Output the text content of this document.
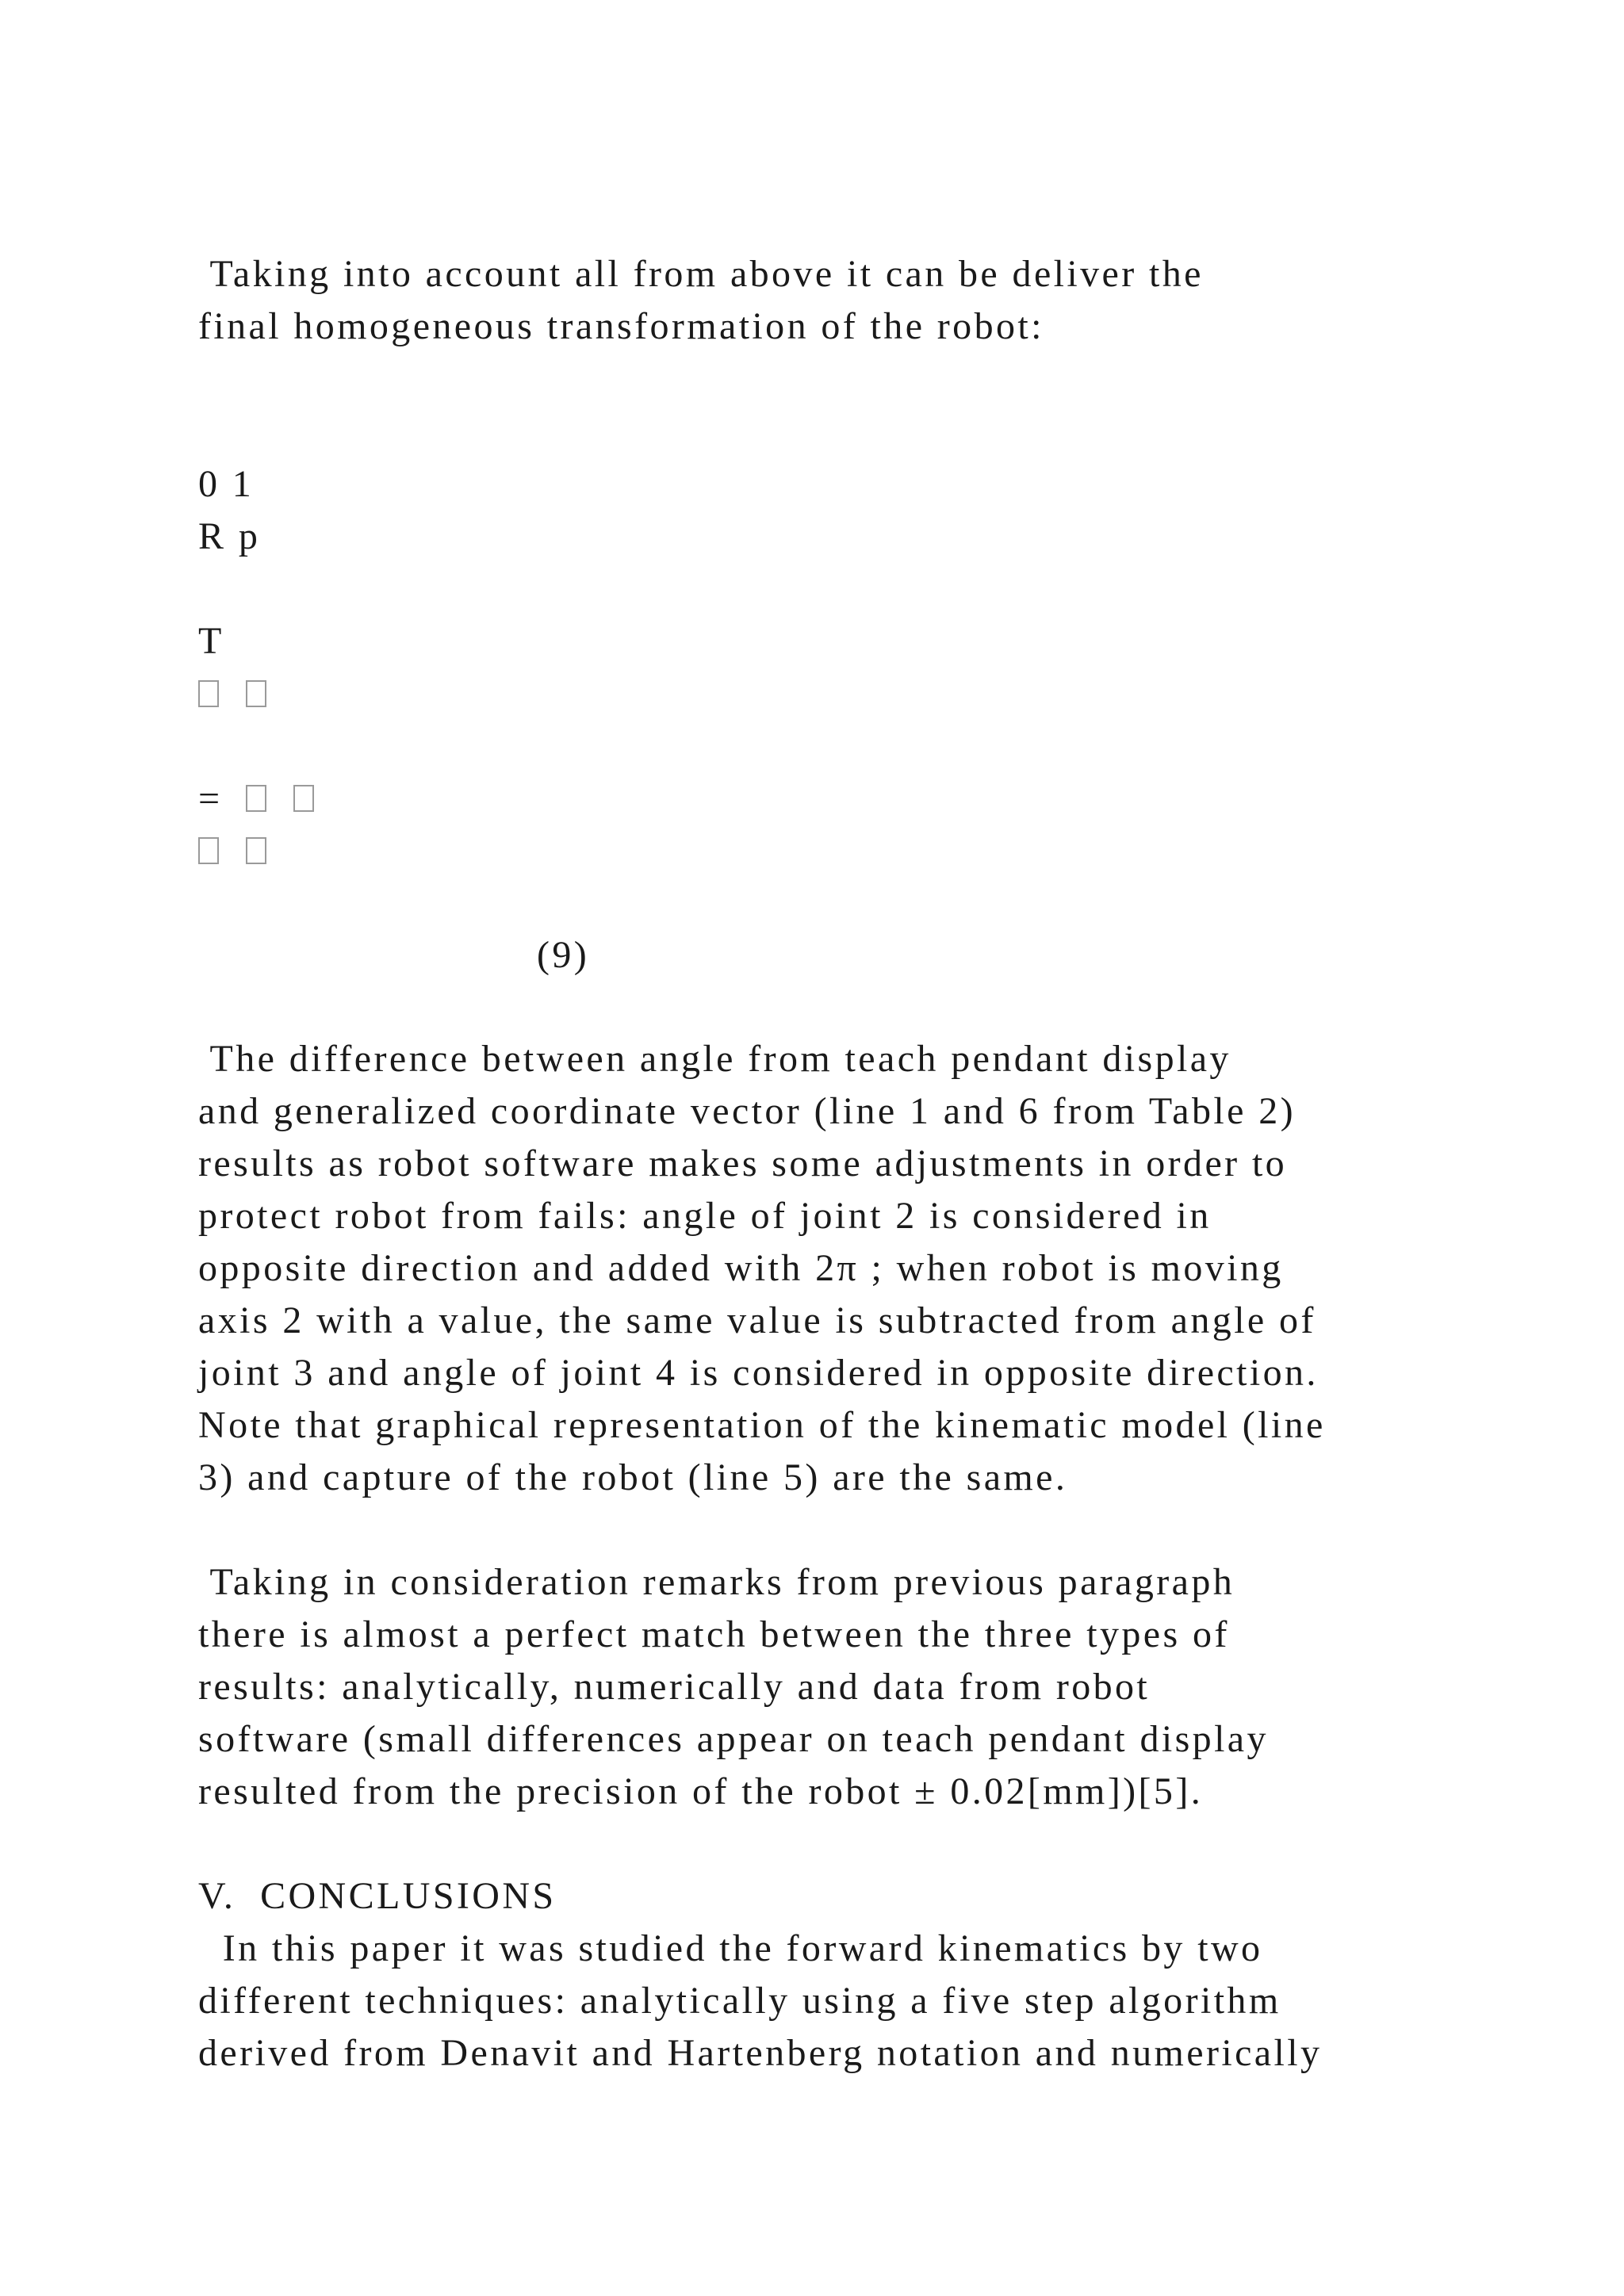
Taking into account all from above it can be deliver the

final homogeneous transformation of the robot:

0 1

R p

T

=

(9)

The difference between angle from teach pendant display

and generalized coordinate vector (line 1 and 6 from Table 2)

results as robot software makes some adjustments in order to

protect robot from fails: angle of joint 2 is considered in

opposite direction and added with 2π ; when robot is moving

axis 2 with a value, the same value is subtracted from angle of

joint 3 and angle of joint 4 is considered in opposite direction.

Note that graphical representation of the kinematic model (line

3) and capture of the robot (line 5) are the same.

Taking in consideration remarks from previous paragraph

there is almost a perfect match between the three types of

results: analytically, numerically and data from robot

software (small differences appear on teach pendant display

resulted from the precision of the robot ± 0.02[mm])[5].

V.  CONCLUSIONS

In this paper it was studied the forward kinematics by two

different techniques: analytically using a five step algorithm

derived from Denavit and Hartenberg notation and numerically
